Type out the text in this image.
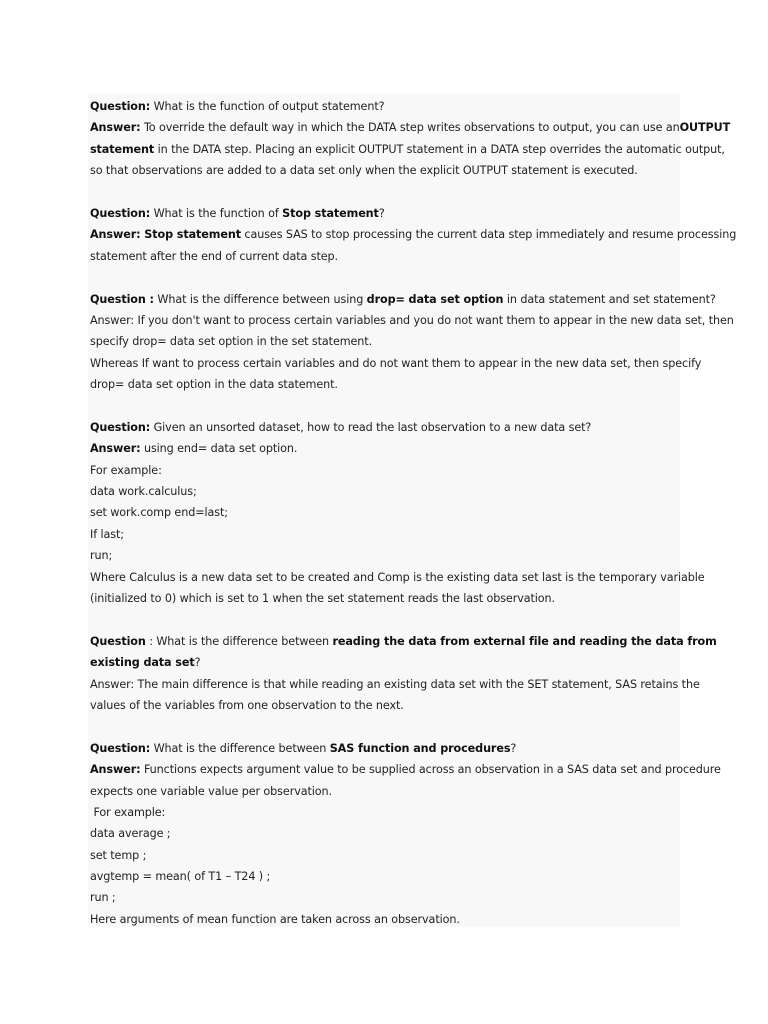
Question: What is the function of output statement?
Answer: To override the default way in which the DATA step writes observations to output, you can use anOUTPUT
statement in the DATA step. Placing an explicit OUTPUT statement in a DATA step overrides the automatic output,
so that observations are added to a data set only when the explicit OUTPUT statement is executed.
Question: What is the function of Stop statement?
Answer: Stop statement causes SAS to stop processing the current data step immediately and resume processing
statement after the end of current data step.
Question : What is the difference between using drop= data set option in data statement and set statement?
Answer: If you don't want to process certain variables and you do not want them to appear in the new data set, then
specify drop= data set option in the set statement.
Whereas If want to process certain variables and do not want them to appear in the new data set, then specify
drop= data set option in the data statement.
Question: Given an unsorted dataset, how to read the last observation to a new data set?
Answer: using end= data set option.
For example:
data work.calculus;
set work.comp end=last;
If last;
run;
Where Calculus is a new data set to be created and Comp is the existing data set last is the temporary variable
(initialized to 0) which is set to 1 when the set statement reads the last observation.
Question : What is the difference between reading the data from external file and reading the data from
existing data set?
Answer: The main difference is that while reading an existing data set with the SET statement, SAS retains the
values of the variables from one observation to the next.
Question: What is the difference between SAS function and procedures?
Answer: Functions expects argument value to be supplied across an observation in a SAS data set and procedure
expects one variable value per observation.
For example:
data average ;
set temp ;
avgtemp = mean( of T1 – T24 ) ;
run ;
Here arguments of mean function are taken across an observation.
